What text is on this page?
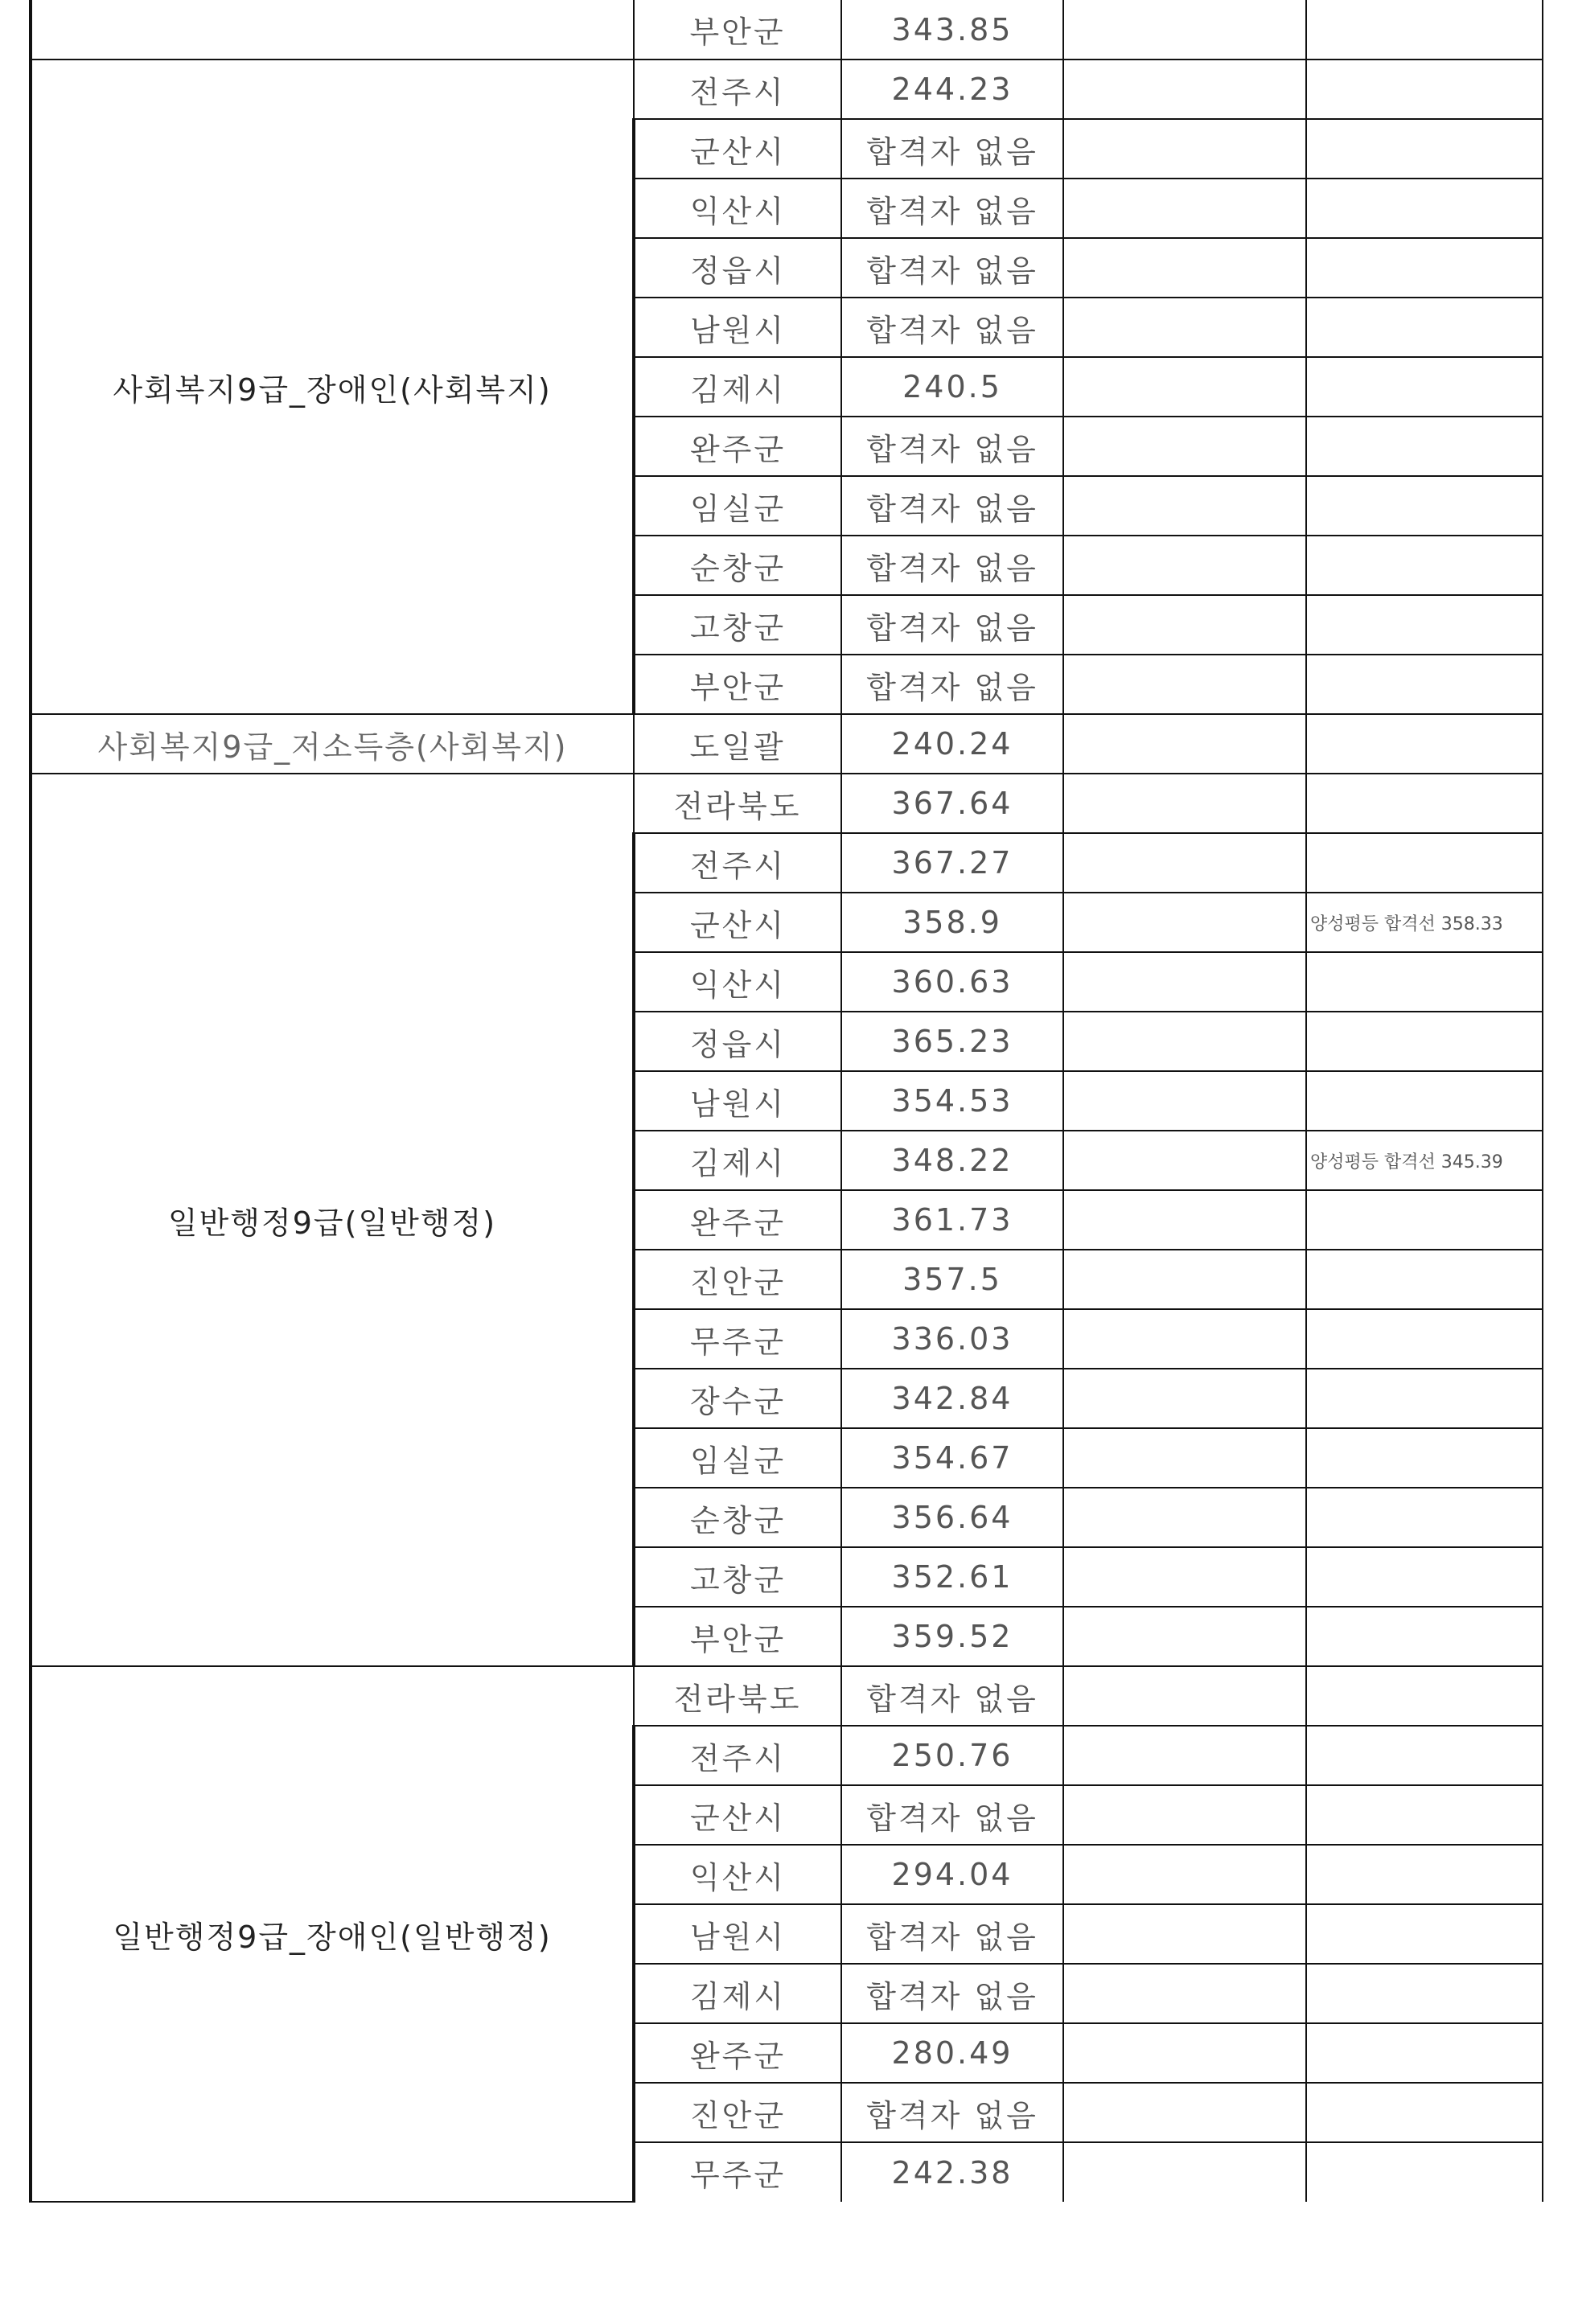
	부안군	343.85		
사회복지9급_장애인(사회복지)	전주시	244.23		
	군산시	합격자 없음		
	익산시	합격자 없음		
	정읍시	합격자 없음		
	남원시	합격자 없음		
	김제시	240.5		
	완주군	합격자 없음		
	임실군	합격자 없음		
	순창군	합격자 없음		
	고창군	합격자 없음		
	부안군	합격자 없음		
사회복지9급_저소득층(사회복지)	도일괄	240.24		
일반행정9급(일반행정)	전라북도	367.64		
	전주시	367.27		
	군산시	358.9		양성평등 합격선 358.33
	익산시	360.63		
	정읍시	365.23		
	남원시	354.53		
	김제시	348.22		양성평등 합격선 345.39
	완주군	361.73		
	진안군	357.5		
	무주군	336.03		
	장수군	342.84		
	임실군	354.67		
	순창군	356.64		
	고창군	352.61		
	부안군	359.52		
일반행정9급_장애인(일반행정)	전라북도	합격자 없음		
	전주시	250.76		
	군산시	합격자 없음		
	익산시	294.04		
	남원시	합격자 없음		
	김제시	합격자 없음		
	완주군	280.49		
	진안군	합격자 없음		
	무주군	242.38		
